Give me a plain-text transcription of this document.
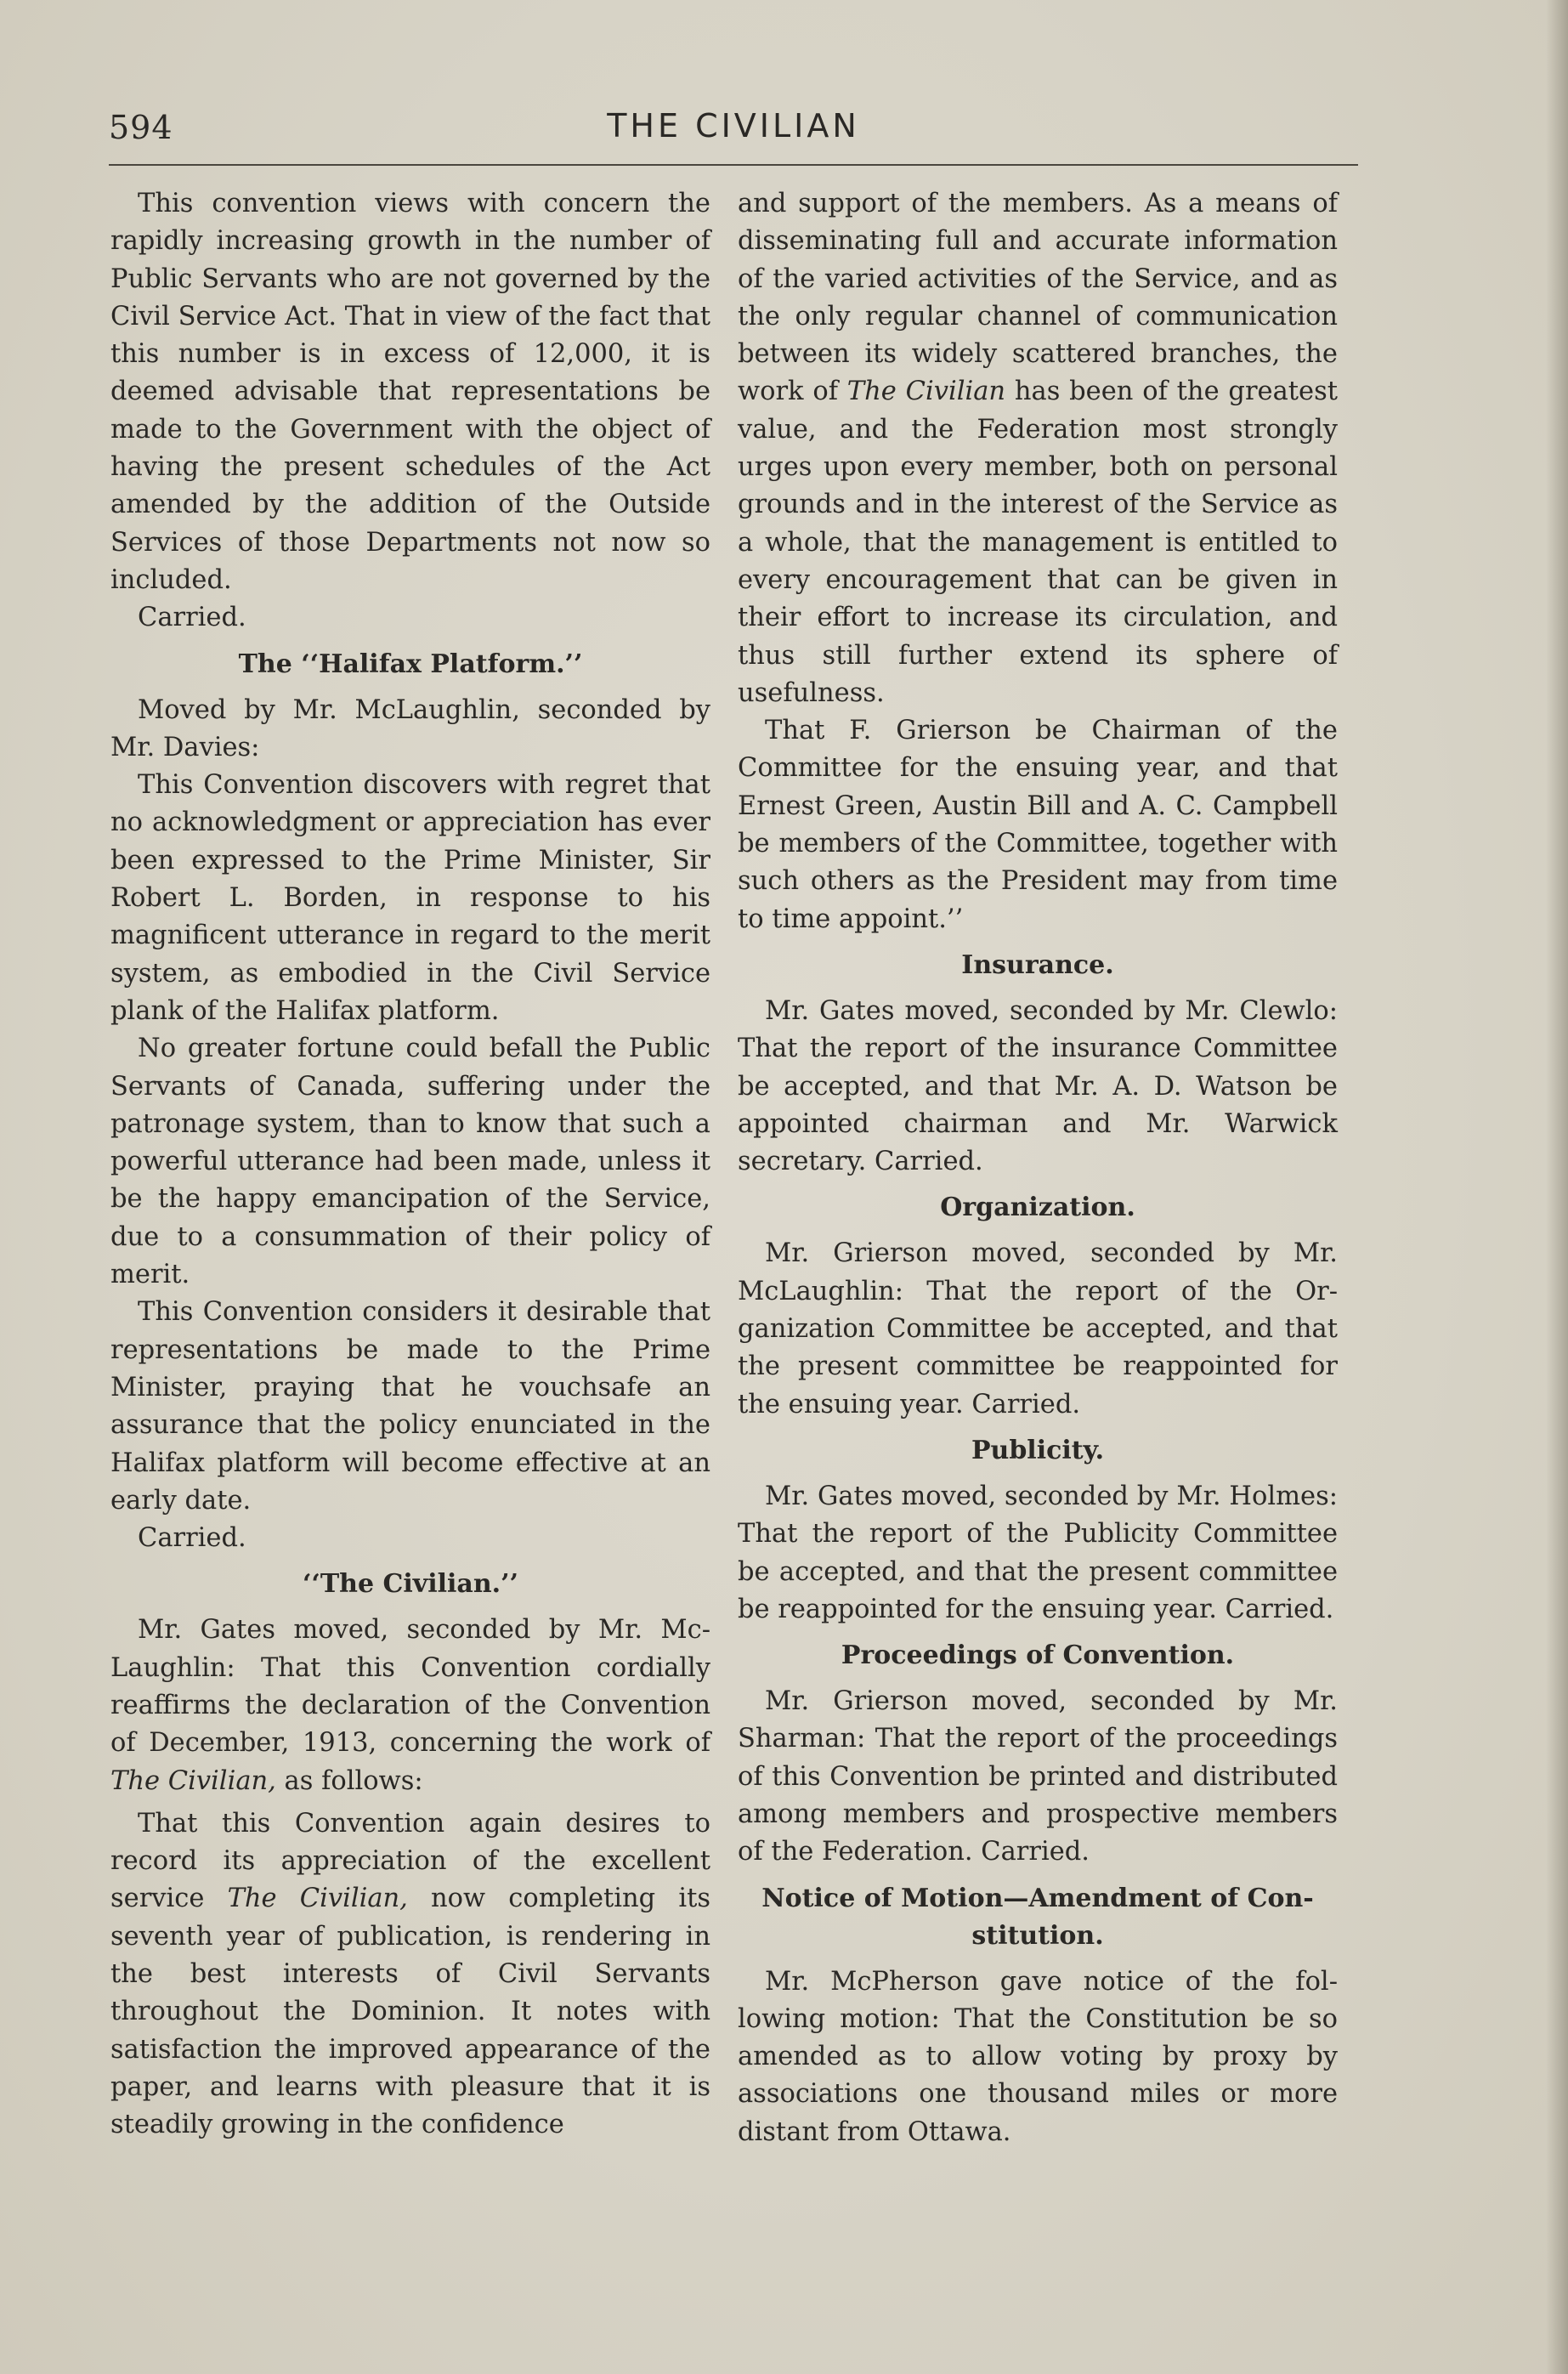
594	THE CIVILIAN

This convention views with concern the rapidly increasing growth in the number of Public Servants who are not governed by the Civil Service Act. That in view of the fact that this number is in excess of 12,000, it is deemed advisable that representations be made to the Government with the object of having the present schedules of the Act amended by the addition of the Outside Services of those Departments not now so included.

Carried.

The ‘‘Halifax Platform.’’

Moved by Mr. McLaughlin, seconded by Mr. Davies:

This Convention discovers with regret that no acknowledgment or appreciation has ever been expressed to the Prime Minister, Sir Robert L. Borden, in response to his magnificent utterance in regard to the merit system, as embodied in the Civil Service plank of the Halifax platform.

No greater fortune could befall the Public Servants of Canada, suffering under the patronage system, than to know that such a powerful utterance had been made, unless it be the happy emancipation of the Service, due to a consummation of their policy of merit.

This Convention considers it desirable that representations be made to the Prime Minister, praying that he vouchsafe an assurance that the policy enunciated in the Halifax platform will become effective at an early date.

Carried.

‘‘The Civilian.’’

Mr. Gates moved, seconded by Mr. McLaughlin: That this Convention cordially reaffirms the declaration of the Convention of December, 1913, concerning the work of The Civilian, as follows:

That this Convention again desires to record its appreciation of the excellent service The Civilian, now completing its seventh year of publication, is rendering in the best interests of Civil Servants throughout the Dominion. It notes with satisfaction the improved appearance of the paper, and learns with pleasure that it is steadily growing in the confidence

and support of the members. As a means of disseminating full and accurate information of the varied activities of the Service, and as the only regular channel of communication between its widely scattered branches, the work of The Civilian has been of the greatest value, and the Federation most strongly urges upon every member, both on personal grounds and in the interest of the Service as a whole, that the management is entitled to every encouragement that can be given in their effort to increase its circulation, and thus still further extend its sphere of usefulness.

That F. Grierson be Chairman of the Committee for the ensuing year, and that Ernest Green, Austin Bill and A. C. Campbell be members of the Committee, together with such others as the President may from time to time appoint.’’

Insurance.

Mr. Gates moved, seconded by Mr. Clewlo: That the report of the insurance Committee be accepted, and that Mr. A. D. Watson be appointed chairman and Mr. Warwick secretary. Carried.

Organization.

Mr. Grierson moved, seconded by Mr. McLaughlin: That the report of the Organization Committee be accepted, and that the present committee be reappointed for the ensuing year. Carried.

Publicity.

Mr. Gates moved, seconded by Mr. Holmes: That the report of the Publicity Committee be accepted, and that the present committee be reappointed for the ensuing year. Carried.

Proceedings of Convention.

Mr. Grierson moved, seconded by Mr. Sharman: That the report of the proceedings of this Convention be printed and distributed among members and prospective members of the Federation. Carried.

Notice of Motion—Amendment of Constitution.

Mr. McPherson gave notice of the following motion: That the Constitution be so amended as to allow voting by proxy by associations one thousand miles or more distant from Ottawa.
